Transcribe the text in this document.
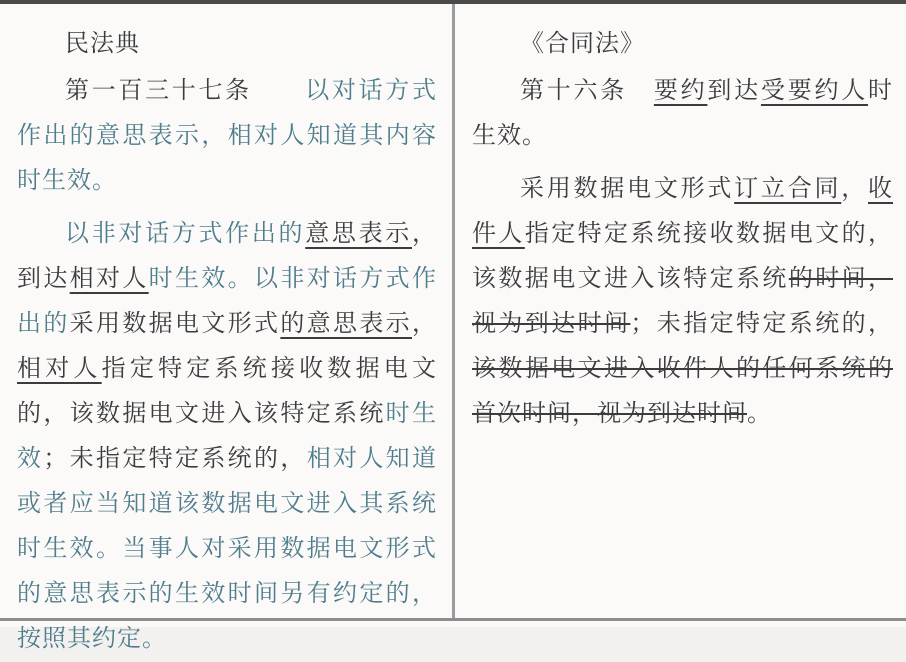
民法典

第一百三十七条　　以对话方式作出的意思表示，相对人知道其内容时生效。

以非对话方式作出的意思表示，到达相对人时生效。以非对话方式作出的采用数据电文形式的意思表示，相对人指定特定系统接收数据电文的，该数据电文进入该特定系统时生效；未指定特定系统的，相对人知道或者应当知道该数据电文进入其系统时生效。当事人对采用数据电文形式的意思表示的生效时间另有约定的，按照其约定。

《合同法》

第十六条　要约到达受要约人时生效。

采用数据电文形式订立合同，收件人指定特定系统接收数据电文的，该数据电文进入该特定系统的时间，视为到达时间；未指定特定系统的，该数据电文进入收件人的任何系统的首次时间，视为到达时间。
